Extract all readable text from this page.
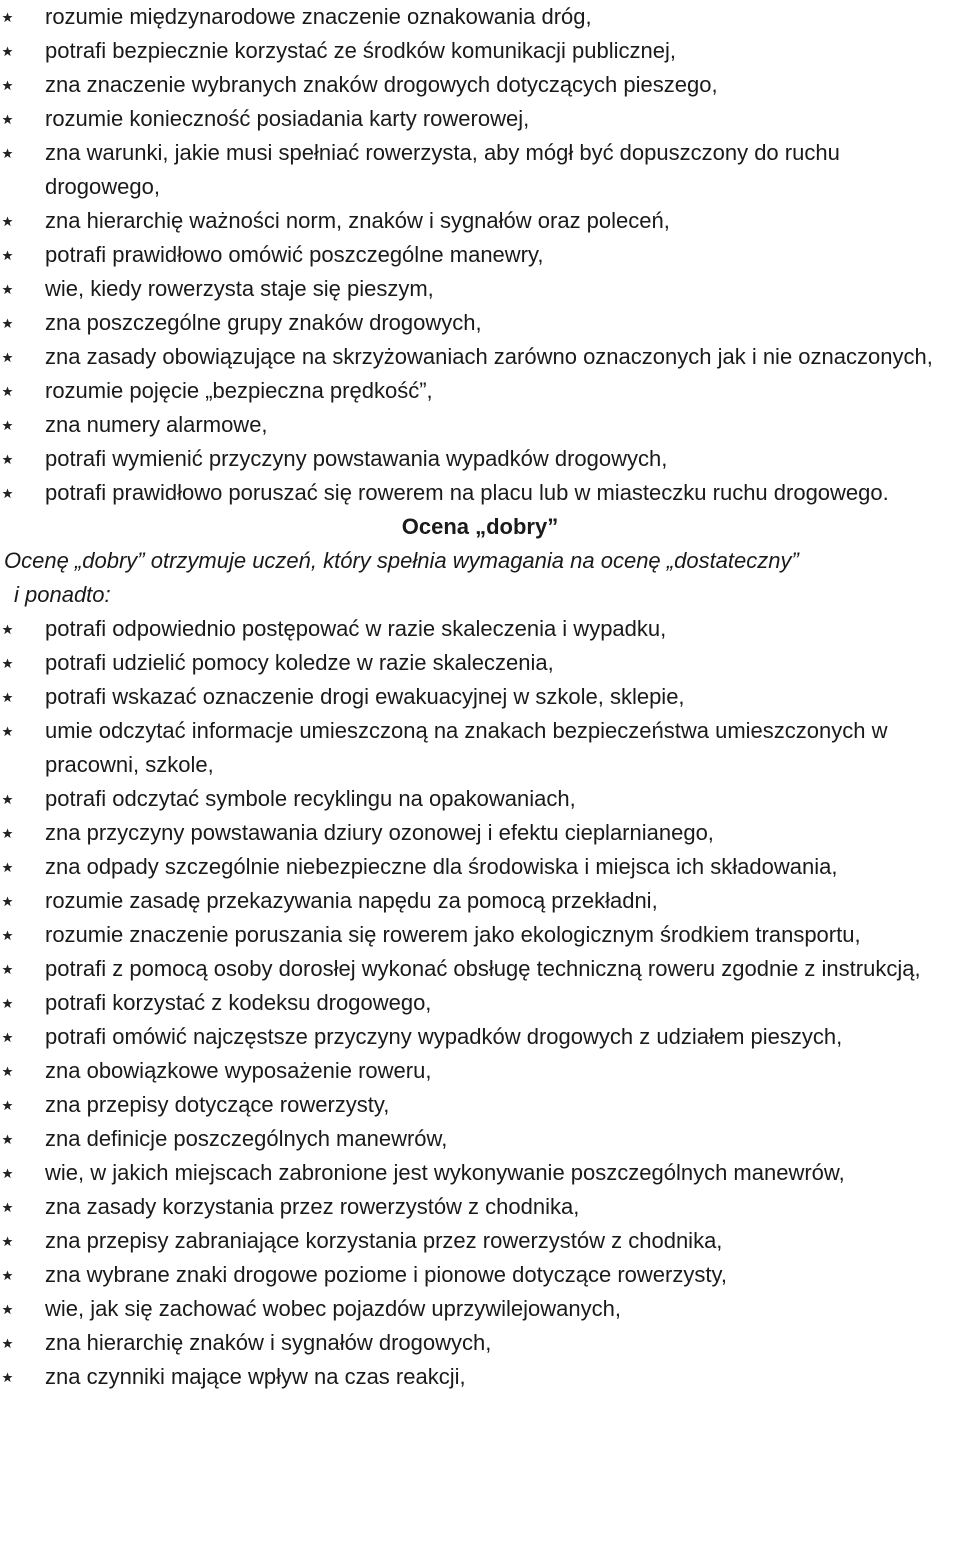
rozumie międzynarodowe znaczenie oznakowania dróg,
potrafi bezpiecznie korzystać ze środków komunikacji publicznej,
zna znaczenie wybranych znaków drogowych dotyczących pieszego,
rozumie konieczność posiadania karty rowerowej,
zna warunki, jakie musi spełniać rowerzysta, aby mógł być dopuszczony do ruchu drogowego,
zna hierarchię ważności norm, znaków i sygnałów oraz poleceń,
potrafi prawidłowo omówić poszczególne manewry,
wie, kiedy rowerzysta staje się pieszym,
zna poszczególne grupy znaków drogowych,
zna zasady obowiązujące na skrzyżowaniach zarówno oznaczonych jak i nie oznaczonych,
rozumie pojęcie „bezpieczna prędkość”,
zna numery alarmowe,
potrafi wymienić przyczyny powstawania wypadków drogowych,
potrafi prawidłowo poruszać się rowerem na placu lub w miasteczku ruchu drogowego.
Ocena „dobry”
Ocenę „dobry” otrzymuje uczeń, który spełnia wymagania na ocenę „dostateczny”
i ponadto:
potrafi odpowiednio postępować w razie skaleczenia i wypadku,
potrafi udzielić pomocy koledze w razie skaleczenia,
potrafi wskazać oznaczenie drogi ewakuacyjnej w szkole, sklepie,
umie odczytać informacje umieszczoną na znakach bezpieczeństwa umieszczonych w pracowni, szkole,
potrafi odczytać symbole recyklingu na opakowaniach,
zna przyczyny powstawania dziury ozonowej i efektu cieplarnianego,
zna odpady szczególnie niebezpieczne dla środowiska i miejsca ich składowania,
rozumie zasadę przekazywania napędu za pomocą przekładni,
rozumie znaczenie poruszania się rowerem jako ekologicznym środkiem transportu,
potrafi z pomocą osoby dorosłej wykonać obsługę techniczną roweru zgodnie z instrukcją,
potrafi korzystać z kodeksu drogowego,
potrafi omówić najczęstsze przyczyny wypadków drogowych z udziałem pieszych,
zna obowiązkowe wyposażenie roweru,
zna przepisy dotyczące rowerzysty,
zna definicje poszczególnych manewrów,
wie, w jakich miejscach zabronione jest wykonywanie poszczególnych manewrów,
zna zasady korzystania przez rowerzystów z chodnika,
zna przepisy zabraniające korzystania przez rowerzystów z chodnika,
zna wybrane znaki drogowe poziome i pionowe dotyczące rowerzysty,
wie, jak się zachować wobec pojazdów uprzywilejowanych,
zna hierarchię znaków i sygnałów drogowych,
zna czynniki mające wpływ na czas reakcji,
